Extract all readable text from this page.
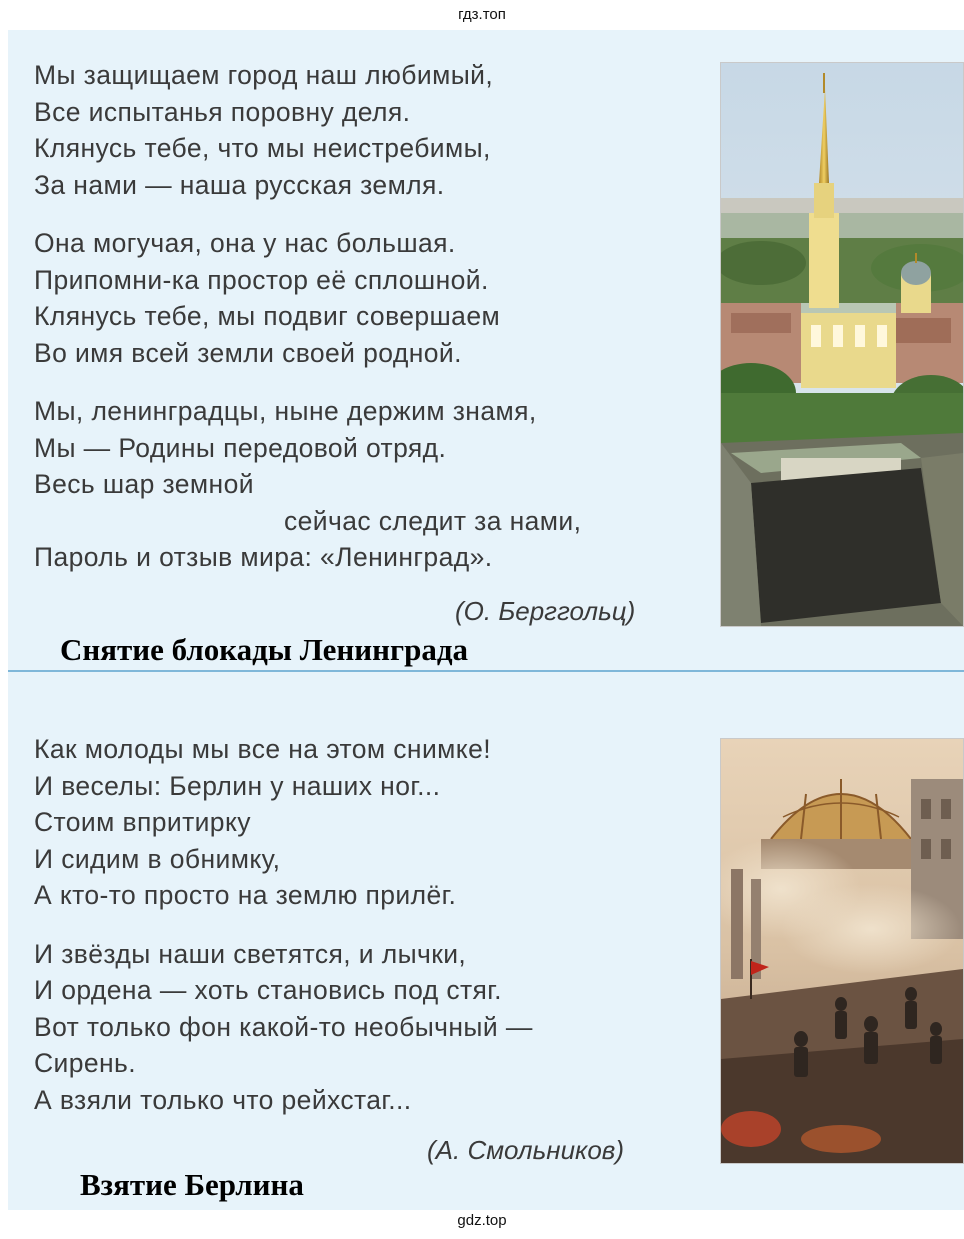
гдз.топ
Мы защищаем город наш любимый,
Все испытанья поровну деля.
Клянусь тебе, что мы неистребимы,
За нами — наша русская земля.
Она могучая, она у нас большая.
Припомни-ка простор её сплошной.
Клянусь тебе, мы подвиг совершаем
Во имя всей земли своей родной.
Мы, ленинградцы, ныне держим знамя,
Мы — Родины передовой отряд.
Весь шар земной
сейчас следит за нами,
Пароль и отзыв мира: «Ленинград».
(О. Берггольц)
Снятие блокады Ленинграда
Как молоды мы все на этом снимке!
И веселы: Берлин у наших ног...
Стоим впритирку
И сидим в обнимку,
А кто-то просто на землю прилёг.
И звёзды наши светятся, и лычки,
И ордена — хоть становись под стяг.
Вот только фон какой-то необычный —
Сирень.
А взяли только что рейхстаг...
(А. Смольников)
Взятие Берлина
gdz.top
